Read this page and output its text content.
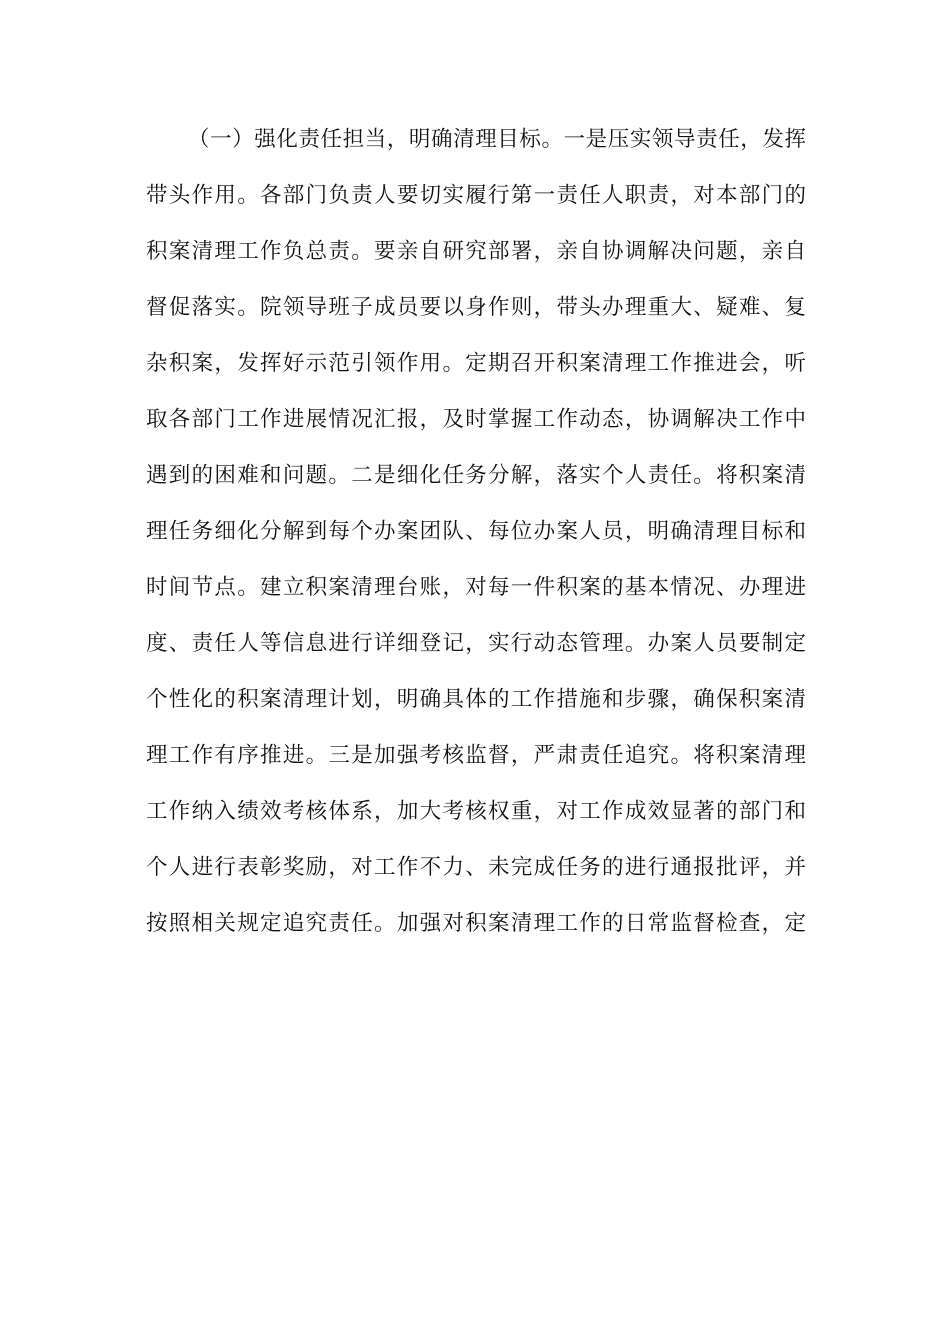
（一）强化责任担当，明确清理目标。一是压实领导责任，发挥
带头作用。各部门负责人要切实履行第一责任人职责，对本部门的
积案清理工作负总责。要亲自研究部署，亲自协调解决问题，亲自
督促落实。院领导班子成员要以身作则，带头办理重大、疑难、复
杂积案，发挥好示范引领作用。定期召开积案清理工作推进会，听
取各部门工作进展情况汇报，及时掌握工作动态，协调解决工作中
遇到的困难和问题。二是细化任务分解，落实个人责任。将积案清
理任务细化分解到每个办案团队、每位办案人员，明确清理目标和
时间节点。建立积案清理台账，对每一件积案的基本情况、办理进
度、责任人等信息进行详细登记，实行动态管理。办案人员要制定
个性化的积案清理计划，明确具体的工作措施和步骤，确保积案清
理工作有序推进。三是加强考核监督，严肃责任追究。将积案清理
工作纳入绩效考核体系，加大考核权重，对工作成效显著的部门和
个人进行表彰奖励，对工作不力、未完成任务的进行通报批评，并
按照相关规定追究责任。加强对积案清理工作的日常监督检查，定
